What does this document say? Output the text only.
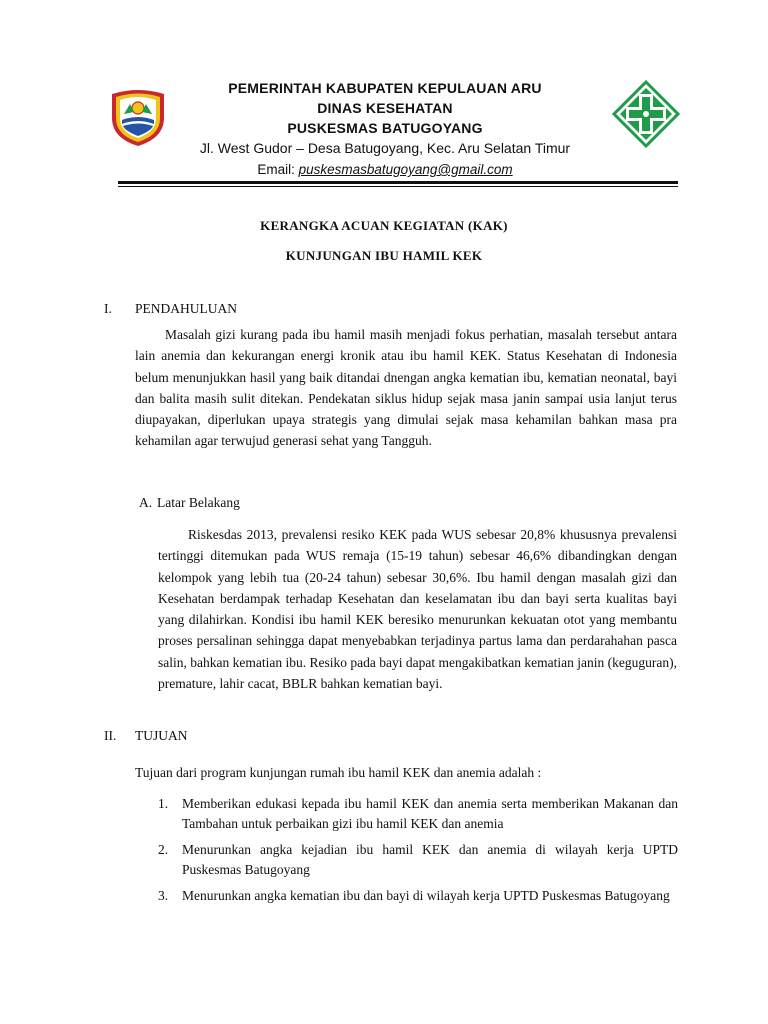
PEMERINTAH KABUPATEN KEPULAUAN ARU
DINAS KESEHATAN
PUSKESMAS BATUGOYANG
Jl. West Gudor – Desa Batugoyang, Kec. Aru Selatan Timur
Email: puskesmasbatugoyang@gmail.com
KERANGKA ACUAN KEGIATAN (KAK)
KUNJUNGAN IBU HAMIL KEK
I. PENDAHULUAN
Masalah gizi kurang pada ibu hamil masih menjadi fokus perhatian, masalah tersebut antara lain anemia dan kekurangan energi kronik atau ibu hamil KEK. Status Kesehatan di Indonesia belum menunjukkan hasil yang baik ditandai dnengan angka kematian ibu, kematian neonatal, bayi dan balita masih sulit ditekan. Pendekatan siklus hidup sejak masa janin sampai usia lanjut terus diupayakan, diperlukan upaya strategis yang dimulai sejak masa kehamilan bahkan masa pra kehamilan agar terwujud generasi sehat yang Tangguh.
A. Latar Belakang
Riskesdas 2013, prevalensi resiko KEK pada WUS sebesar 20,8% khususnya prevalensi tertinggi ditemukan pada WUS remaja (15-19 tahun) sebesar 46,6% dibandingkan dengan kelompok yang lebih tua (20-24 tahun) sebesar 30,6%. Ibu hamil dengan masalah gizi dan Kesehatan berdampak terhadap Kesehatan dan keselamatan ibu dan bayi serta kualitas bayi yang dilahirkan. Kondisi ibu hamil KEK beresiko menurunkan kekuatan otot yang membantu proses persalinan sehingga dapat menyebabkan terjadinya partus lama dan perdarahahan pasca salin, bahkan kematian ibu. Resiko pada bayi dapat mengakibatkan kematian janin (keguguran), premature, lahir cacat, BBLR bahkan kematian bayi.
II. TUJUAN
Tujuan dari program kunjungan rumah ibu hamil KEK dan anemia adalah :
1. Memberikan edukasi kepada ibu hamil KEK dan anemia serta memberikan Makanan dan Tambahan untuk perbaikan gizi ibu hamil KEK dan anemia
2. Menurunkan angka kejadian ibu hamil KEK dan anemia di wilayah kerja UPTD Puskesmas Batugoyang
3. Menurunkan angka kematian ibu dan bayi di wilayah kerja UPTD Puskesmas Batugoyang
